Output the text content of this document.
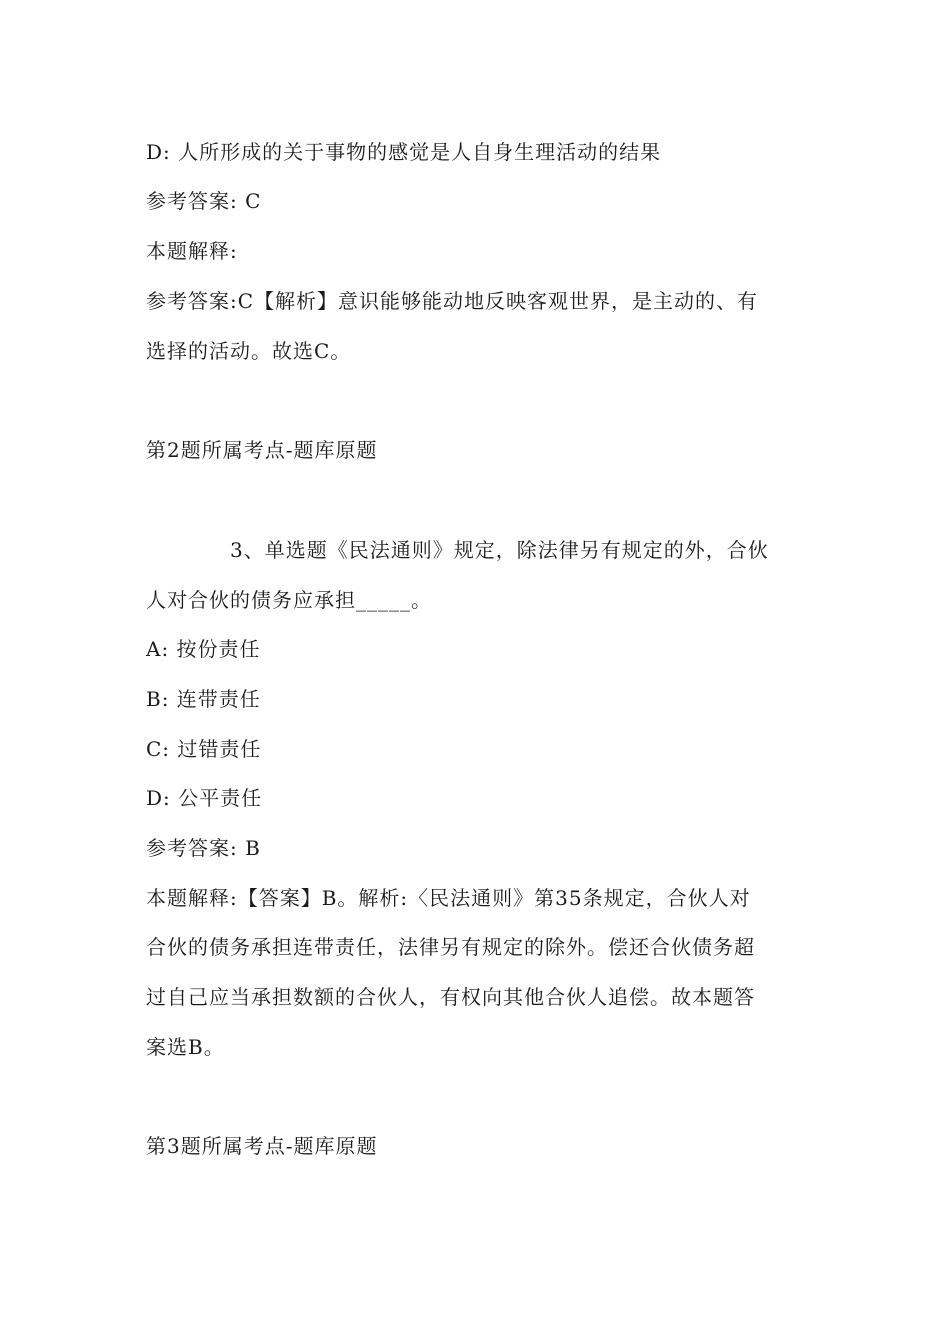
D: 人所形成的关于事物的感觉是人自身生理活动的结果
参考答案: C
本题解释:
参考答案:C【解析】意识能够能动地反映客观世界，是主动的、有
选择的活动。故选C。
第2题所属考点-题库原题
3、单选题《民法通则》规定，除法律另有规定的外，合伙
人对合伙的债务应承担_____。
A: 按份责任
B: 连带责任
C: 过错责任
D: 公平责任
参考答案: B
本题解释:【答案】B。解析:〈民法通则》第35条规定，合伙人对
合伙的债务承担连带责任，法律另有规定的除外。偿还合伙债务超
过自己应当承担数额的合伙人，有权向其他合伙人追偿。故本题答
案选B。
第3题所属考点-题库原题
